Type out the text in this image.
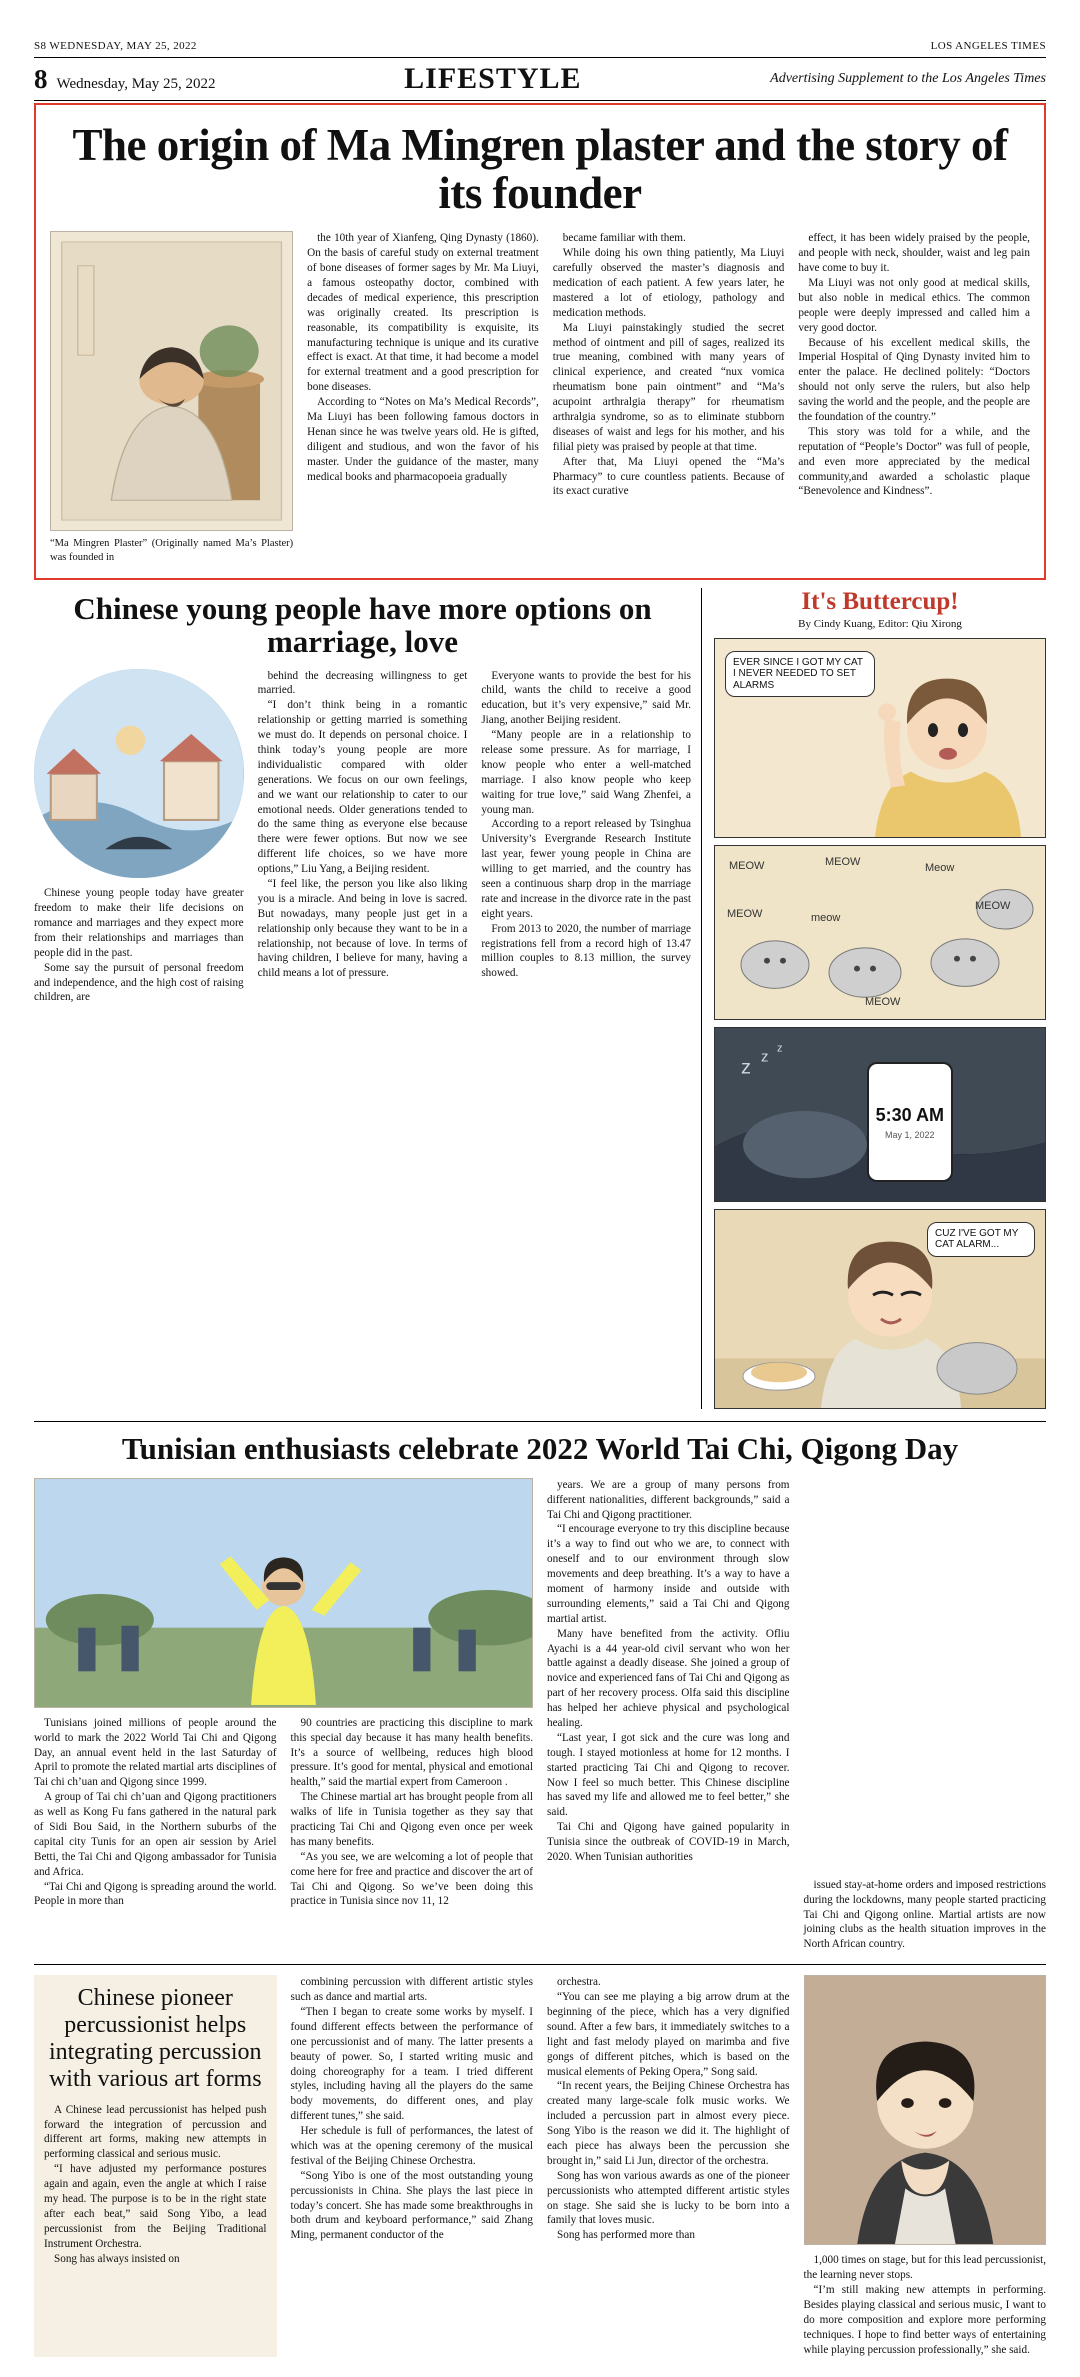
S8 WEDNESDAY, MAY 25, 2022	LOS ANGELES TIMES
8 Wednesday, May 25, 2022	LIFESTYLE	Advertising Supplement to the Los Angeles Times
The origin of Ma Mingren plaster and the story of its founder
“Ma Mingren Plaster” (Originally named Ma’s Plaster) was founded in

the 10th year of Xianfeng, Qing Dynasty (1860). On the basis of careful study on external treatment of bone diseases of former sages by Mr. Ma Liuyi, a famous osteopathy doctor, combined with decades of medical experience, this prescription was originally created. Its prescription is reasonable, its compatibility is exquisite, its manufacturing technique is unique and its curative effect is exact. At that time, it had become a model for external treatment and a good prescription for bone diseases.

According to “Notes on Ma’s Medical Records”, Ma Liuyi has been following famous doctors in Henan since he was twelve years old. He is gifted, diligent and studious, and won the favor of his master. Under the guidance of the master, many medical books and pharmacopoeia gradually

became familiar with them.

While doing his own thing patiently, Ma Liuyi carefully observed the master’s diagnosis and medication of each patient. A few years later, he mastered a lot of etiology, pathology and medication methods.

Ma Liuyi painstakingly studied the secret method of ointment and pill of sages, realized its true meaning, combined with many years of clinical experience, and created “nux vomica rheumatism bone pain ointment” and “Ma’s acupoint arthralgia therapy” for rheumatism arthralgia syndrome, so as to eliminate stubborn diseases of waist and legs for his mother, and his filial piety was praised by people at that time.

After that, Ma Liuyi opened the “Ma’s Pharmacy” to cure countless patients. Because of its exact curative

effect, it has been widely praised by the people, and people with neck, shoulder, waist and leg pain have come to buy it.

Ma Liuyi was not only good at medical skills, but also noble in medical ethics. The common people were deeply impressed and called him a very good doctor.

Because of his excellent medical skills, the Imperial Hospital of Qing Dynasty invited him to enter the palace. He declined politely: “Doctors should not only serve the rulers, but also help saving the world and the people, and the people are the foundation of the country.”

This story was told for a while, and the reputation of “People’s Doctor” was full of people, and even more appreciated by the medical community,and awarded a scholastic plaque “Benevolence and Kindness”.

Chinese young people have more options on marriage, love

Chinese young people today have greater freedom to make their life decisions on romance and marriages and they expect more from their relationships and marriages than people did in the past.

Some say the pursuit of personal freedom and independence, and the high cost of raising children, are

behind the decreasing willingness to get married.

“I don’t think being in a romantic relationship or getting married is something we must do. It depends on personal choice. I think today’s young people are more individualistic compared with older generations. We focus on our own feelings, and we want our relationship to cater to our emotional needs. Older generations tended to do the same thing as everyone else because there were fewer options. But now we see different life choices, so we have more options,” Liu Yang, a Beijing resident.

“I feel like, the person you like also liking you is a miracle. And being in love is sacred. But nowadays, many people just get in a relationship only because they want to be in a relationship, not because of love. In terms of having children, I believe for many, having a child means a lot of pressure.

Everyone wants to provide the best for his child, wants the child to receive a good education, but it’s very expensive,” said Mr. Jiang, another Beijing resident.

“Many people are in a relationship to release some pressure. As for marriage, I know people who enter a well-matched marriage. I also know people who keep waiting for true love,” said Wang Zhenfei, a young man.

According to a report released by Tsinghua University’s Evergrande Research Institute last year, fewer young people in China are willing to get married, and the country has seen a continuous sharp drop in the marriage rate and increase in the divorce rate in the past eight years.

From 2013 to 2020, the number of marriage registrations fell from a record high of 13.47 million couples to 8.13 million, the survey showed.

It's Buttercup!
By Cindy Kuang, Editor: Qiu Xirong
EVER SINCE I GOT MY CAT I NEVER NEEDED TO SET ALARMS
MEOW	MEOW	Meow
MEOW
MEOW	meow
MEOW
z z
z
5:30 AM
May 1, 2022
CUZ I'VE GOT MY CAT ALARM...
Tunisian enthusiasts celebrate 2022 World Tai Chi, Qigong Day

Tunisians joined millions of people around the world to mark the 2022 World Tai Chi and Qigong Day, an annual event held in the last Saturday of April to promote the related martial arts disciplines of Tai chi ch’uan and Qigong since 1999.

A group of Tai chi ch’uan and Qigong practitioners as well as Kong Fu fans gathered in the natural park of Sidi Bou Said, in the Northern suburbs of the capital city Tunis for an open air session by Ariel Betti, the Tai Chi and Qigong ambassador for Tunisia and Africa.

“Tai Chi and Qigong is spreading around the world. People in more than

90 countries are practicing this discipline to mark this special day because it has many health benefits. It’s a source of wellbeing, reduces high blood pressure. It’s good for mental, physical and emotional health,” said the martial expert from Cameroon .

The Chinese martial art has brought people from all walks of life in Tunisia together as they say that practicing Tai Chi and Qigong even once per week has many benefits.

“As you see, we are welcoming a lot of people that come here for free and practice and discover the art of Tai Chi and Qigong. So we’ve been doing this practice in Tunisia since nov 11, 12

years. We are a group of many persons from different nationalities, different backgrounds,” said a Tai Chi and Qigong practitioner.

“I encourage everyone to try this discipline because it’s a way to find out who we are, to connect with oneself and to our environment through slow movements and deep breathing. It’s a way to have a moment of harmony inside and outside with surrounding elements,” said a Tai Chi and Qigong martial artist.

Many have benefited from the activity. Ofliu Ayachi is a 44 year-old civil servant who won her battle against a deadly disease. She joined a group of novice and experienced fans of Tai Chi and Qigong as part of her recovery process. Olfa said this discipline has helped her achieve physical and psychological healing.

“Last year, I got sick and the cure was long and tough. I stayed motionless at home for 12 months. I started practicing Tai Chi and Qigong to recover. Now I feel so much better. This Chinese discipline has saved my life and allowed me to feel better,” she said.

Tai Chi and Qigong have gained popularity in Tunisia since the outbreak of COVID-19 in March, 2020. When Tunisian authorities

issued stay-at-home orders and imposed restrictions during the lockdowns, many people started practicing Tai Chi and Qigong online. Martial artists are now joining clubs as the health situation improves in the North African country.

Chinese pioneer percussionist helps integrating percussion with various art forms

A Chinese lead percussionist has helped push forward the integration of percussion and different art forms, making new attempts in performing classical and serious music.

“I have adjusted my performance postures again and again, even the angle at which I raise my head. The purpose is to be in the right state after each beat,” said Song Yibo, a lead percussionist from the Beijing Traditional Instrument Orchestra.

Song has always insisted on

combining percussion with different artistic styles such as dance and martial arts.

“Then I began to create some works by myself. I found different effects between the performance of one percussionist and of many. The latter presents a beauty of power. So, I started writing music and doing choreography for a team. I tried different styles, including having all the players do the same body movements, do different ones, and play different tunes,” she said.

Her schedule is full of performances, the latest of which was at the opening ceremony of the musical festival of the Beijing Chinese Orchestra.

“Song Yibo is one of the most outstanding young percussionists in China. She plays the last piece in today’s concert. She has made some breakthroughs in both drum and keyboard performance,” said Zhang Ming, permanent conductor of the

orchestra.

“You can see me playing a big arrow drum at the beginning of the piece, which has a very dignified sound. After a few bars, it immediately switches to a light and fast melody played on marimba and five gongs of different pitches, which is based on the musical elements of Peking Opera,” Song said.

“In recent years, the Beijing Chinese Orchestra has created many large-scale folk music works. We included a percussion part in almost every piece. Song Yibo is the reason we did it. The highlight of each piece has always been the percussion she brought in,” said Li Jun, director of the orchestra.

Song has won various awards as one of the pioneer percussionists who attempted different artistic styles on stage. She said she is lucky to be born into a family that loves music.

Song has performed more than

1,000 times on stage, but for this lead percussionist, the learning never stops.

“I’m still making new attempts in performing. Besides playing classical and serious music, I want to do more composition and explore more performing techniques. I hope to find better ways of entertaining while playing percussion professionally,” she said.
